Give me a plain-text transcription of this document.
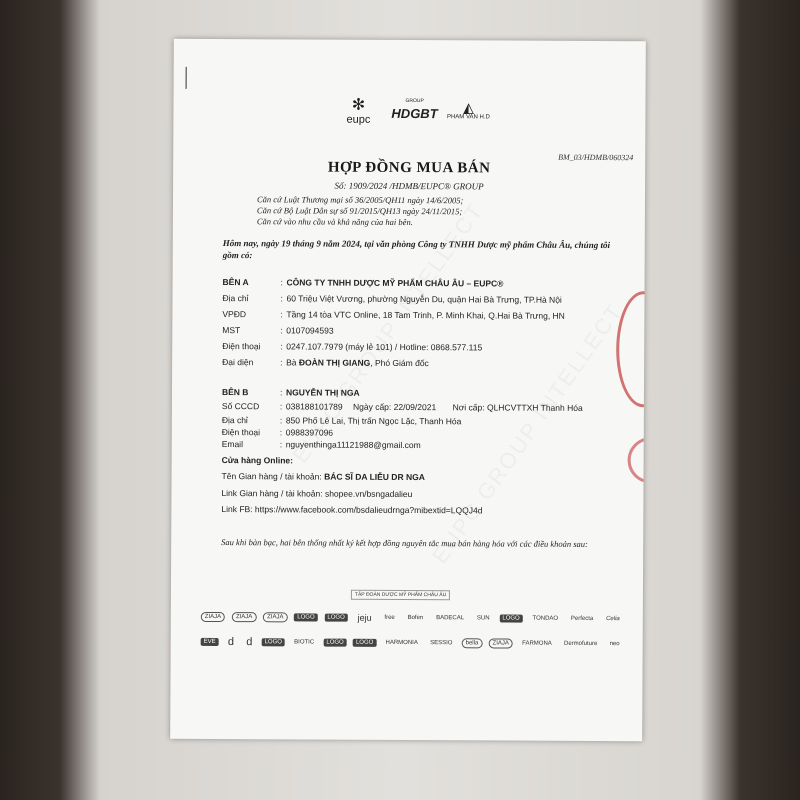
✻
eupc
GROUP
HDGBT	◭
PHAM VAN H.D
BM_03/HDMB/060324
HỢP ĐỒNG MUA BÁN
Số: 1909/2024 /HDMB/EUPC® GROUP
Căn cứ Luật Thương mại số 36/2005/QH11 ngày 14/6/2005;
Căn cứ Bộ Luật Dân sự số 91/2015/QH13 ngày 24/11/2015;
Căn cứ vào nhu cầu và khả năng của hai bên.
Hôm nay, ngày 19 tháng 9 năm 2024, tại văn phòng Công ty TNHH Dược mỹ phẩm Châu Âu, chúng tôi gồm có:
BÊN A	: CÔNG TY TNHH DƯỢC MỸ PHẨM CHÂU ÂU – EUPC®
Địa chỉ	: 60 Triệu Việt Vương, phường Nguyễn Du, quận Hai Bà Trưng, TP.Hà Nội
VPĐD	: Tầng 14 tòa VTC Online, 18 Tam Trinh, P. Minh Khai, Q.Hai Bà Trưng, HN
MST	: 0107094593
Điện thoại : 0247.107.7979 (máy lẻ 101) / Hotline: 0868.577.115
Đại diện	: Bà ĐOÀN THỊ GIANG, Phó Giám đốc
BÊN B	: NGUYỄN THỊ NGA
Số CCCD : 038188101789 Ngày cấp: 22/09/2021 Nơi cấp: QLHCVTTXH Thanh Hóa
Địa chỉ	: 850 Phố Lê Lai, Thị trấn Ngọc Lặc, Thanh Hóa
Điện thoại : 0988397096
Email	: nguyenthinga11121988@gmail.com
Cửa hàng Online:
Tên Gian hàng / tài khoản: BÁC SĨ DA LIỄU DR NGA
Link Gian hàng / tài khoản: shopee.vn/bsngadalieu
Link FB: https://www.facebook.com/bsdalieudrnga?mibextid=LQQJ4d
Sau khi bàn bạc, hai bên thống nhất ký kết hợp đồng nguyên tắc mua bán hàng hóa với các điều khoản sau:
TẬP ĐOÀN DƯỢC MỸ PHẨM CHÂU ÂU
ZIAJA	ZIAJA	ZIAJA	LOGO	LOGO	jeju	free	Bofen	BADECAL	SUN	LOGO	TONDAO	Perfecta	Celia
EVE d d	LOGO	BIOTIC	LOGO	LOGO	HARMONIA	SESSIO	bella	ZIAJA	FARMONA	Dermofuture	neo
